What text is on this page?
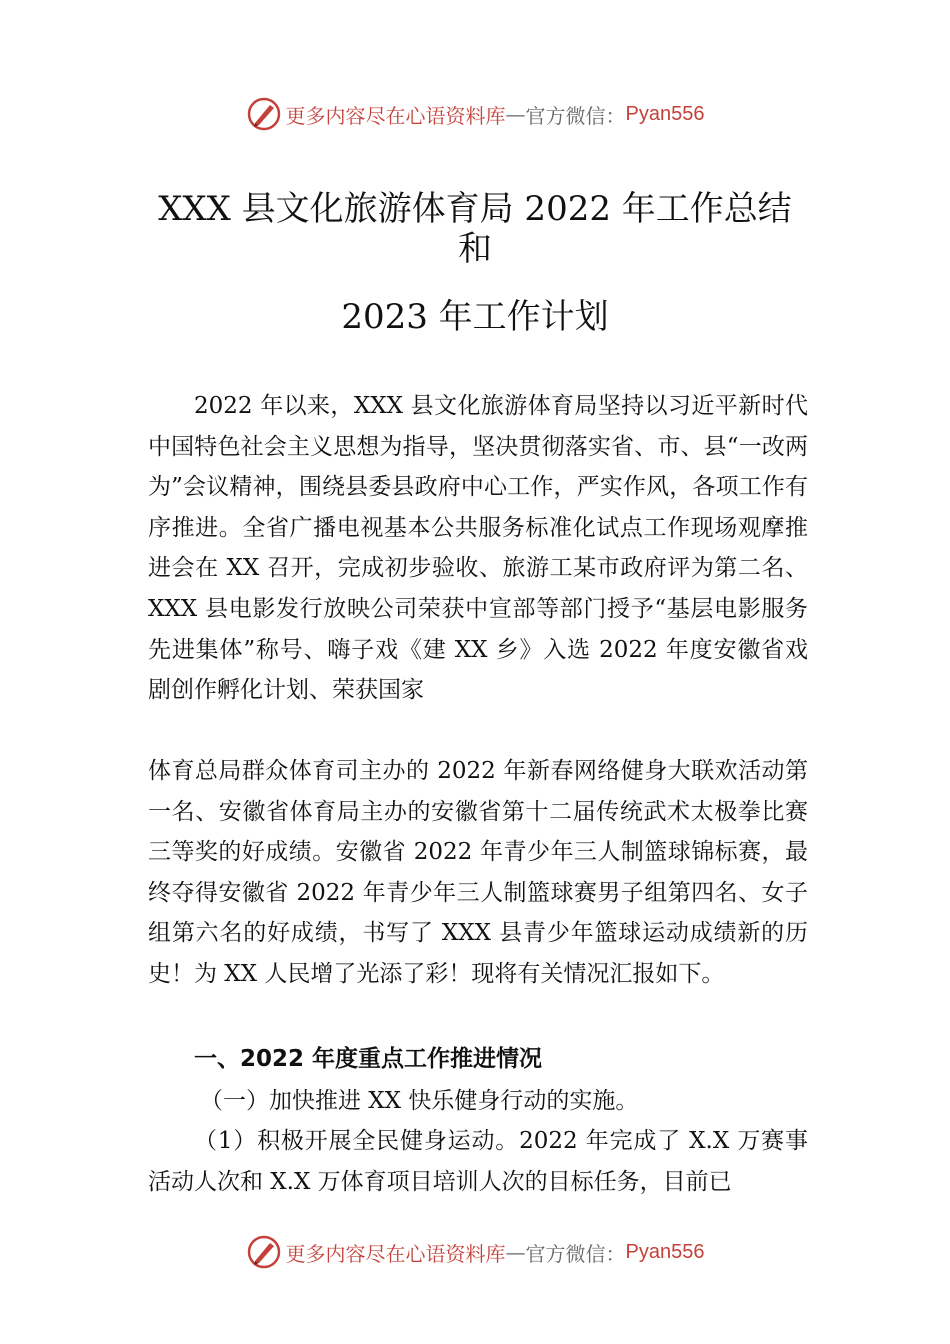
更多内容尽在心语资料库 — 官方微信： Pyan556
XXX 县文化旅游体育局 2022 年工作总结
和
2023 年工作计划

2022 年以来，XXX 县文化旅游体育局坚持以习近平新时代中国特色社会主义思想为指导，坚决贯彻落实省、市、县“一改两为”会议精神，围绕县委县政府中心工作，严实作风，各项工作有序推进。全省广播电视基本公共服务标准化试点工作现场观摩推进会在 XX 召开，完成初步验收、旅游工某市政府评为第二名、XXX 县电影发行放映公司荣获中宣部等部门授予“基层电影服务先进集体”称号、嗨子戏《建 XX 乡》入选 2022 年度安徽省戏剧创作孵化计划、荣获国家

体育总局群众体育司主办的 2022 年新春网络健身大联欢活动第一名、安徽省体育局主办的安徽省第十二届传统武术太极拳比赛三等奖的好成绩。安徽省 2022 年青少年三人制篮球锦标赛，最终夺得安徽省 2022 年青少年三人制篮球赛男子组第四名、女子组第六名的好成绩，书写了 XXX 县青少年篮球运动成绩新的历史！为 XX 人民增了光添了彩！现将有关情况汇报如下。

一、2022 年度重点工作推进情况

（一）加快推进 XX 快乐健身行动的实施。

（1）积极开展全民健身运动。2022 年完成了 X.X 万赛事活动人次和 X.X 万体育项目培训人次的目标任务，目前已

更多内容尽在心语资料库 — 官方微信： Pyan556
